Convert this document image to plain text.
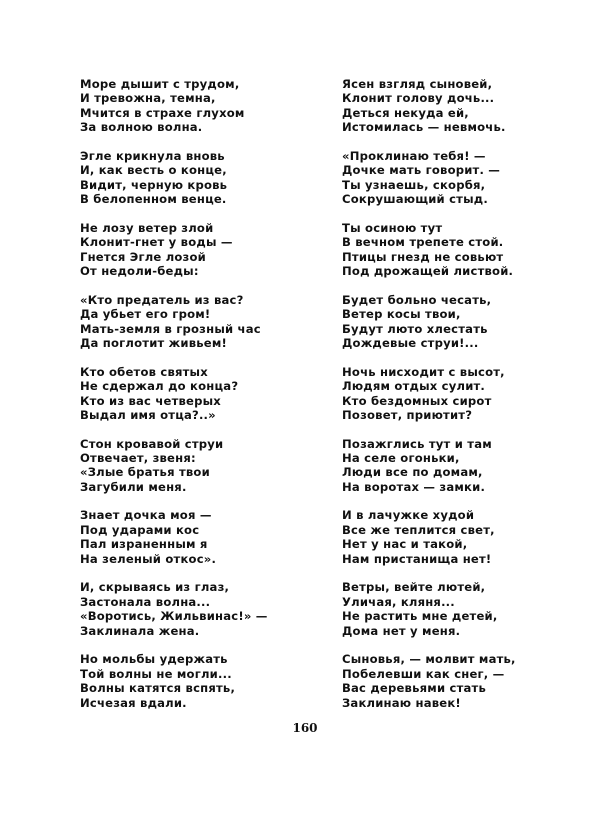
Море дышит с трудом,
И тревожна, темна,
Мчится в страхе глухом
За волною волна.
Эгле крикнула вновь
И, как весть о конце,
Видит, черную кровь
В белопенном венце.
Не лозу ветер злой
Клонит-гнет у воды —
Гнется Эгле лозой
От недоли-беды:
«Кто предатель из вас?
Да убьет его гром!
Мать-земля в грозный час
Да поглотит живьем!
Кто обетов святых
Не сдержал до конца?
Кто из вас четверых
Выдал имя отца?..»
Стон кровавой струи
Отвечает, звеня:
«Злые братья твои
Загубили меня.
Знает дочка моя —
Под ударами кос
Пал израненным я
На зеленый откос».
И, скрываясь из глаз,
Застонала волна...
«Воротись, Жильвинас!» —
Заклинала жена.
Но мольбы удержать
Той волны не могли...
Волны катятся вспять,
Исчезая вдали.
Ясен взгляд сыновей,
Клонит голову дочь...
Деться некуда ей,
Истомилась — невмочь.
«Проклинаю тебя! —
Дочке мать говорит. —
Ты узнаешь, скорбя,
Сокрушающий стыд.
Ты осиною тут
В вечном трепете стой.
Птицы гнезд не совьют
Под дрожащей листвой.
Будет больно чесать,
Ветер косы твои,
Будут люто хлестать
Дождевые струи!...
Ночь нисходит с высот,
Людям отдых сулит.
Кто бездомных сирот
Позовет, приютит?
Позажглись тут и там
На селе огоньки,
Люди все по домам,
На воротах — замки.
И в лачужке худой
Все же теплится свет,
Нет у нас и такой,
Нам пристанища нет!
Ветры, вейте лютей,
Уличая, кляня...
Не растить мне детей,
Дома нет у меня.
Сыновья, — молвит мать,
Побелевши как снег, —
Вас деревьями стать
Заклинаю навек!
160
